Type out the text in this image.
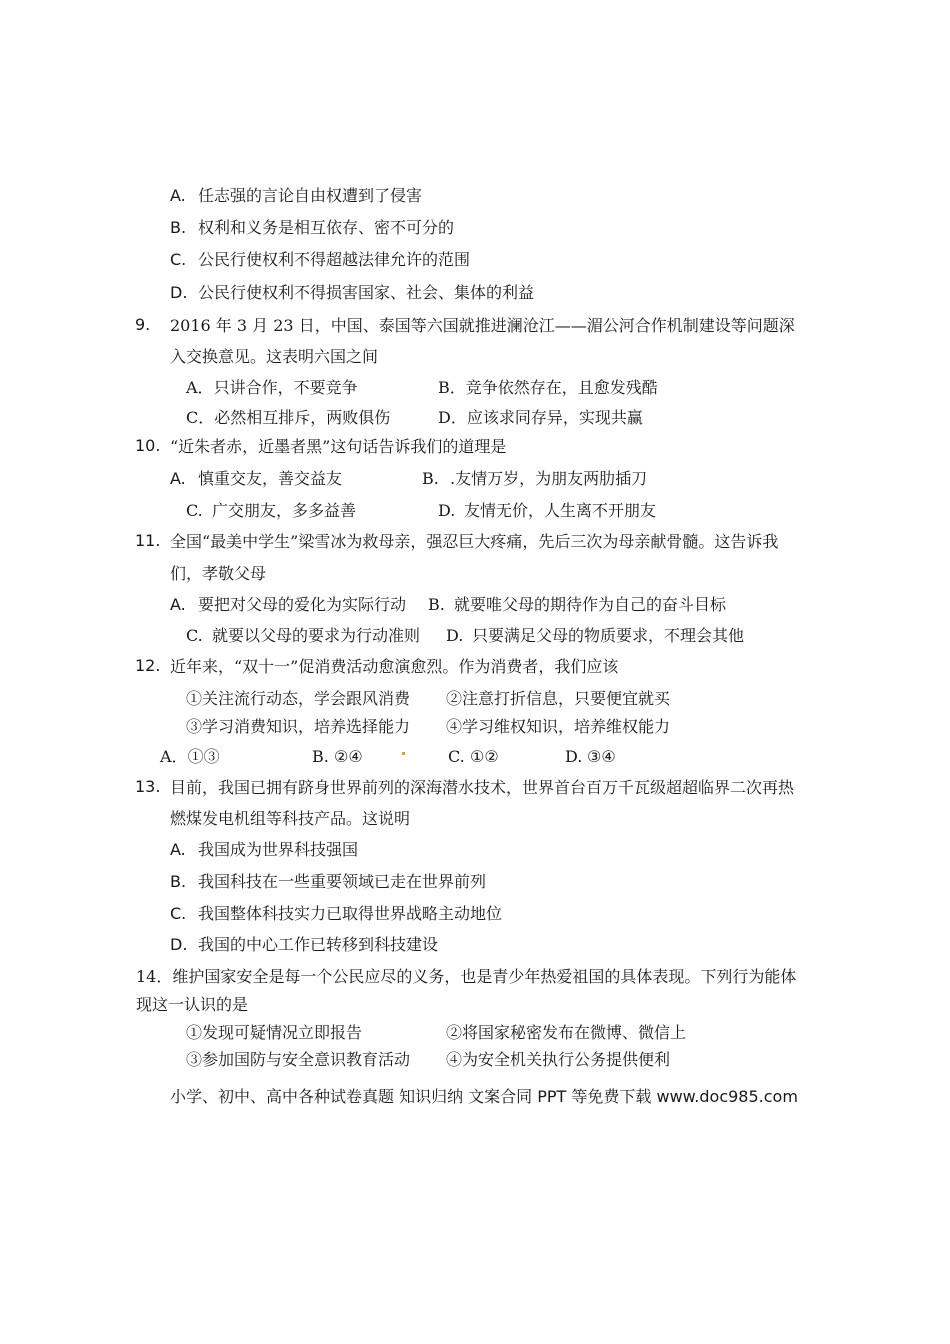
A. 任志强的言论自由权遭到了侵害
B. 权利和义务是相互依存、密不可分的
C. 公民行使权利不得超越法律允许的范围
D. 公民行使权利不得损害国家、社会、集体的利益
9. 2016 年 3 月 23 日，中国、泰国等六国就推进澜沧江——湄公河合作机制建设等问题深
入交换意见。这表明六国之间
A．只讲合作，不要竞争	B．竞争依然存在，且愈发残酷
C．必然相互排斥，两败俱伤	D．应该求同存异，实现共赢
10. “近朱者赤，近墨者黑”这句话告诉我们的道理是
A. 慎重交友，善交益友	B. .友情万岁，为朋友两肋插刀
C. 广交朋友，多多益善	D. 友情无价，人生离不开朋友
11. 全国“最美中学生”梁雪冰为救母亲，强忍巨大疼痛，先后三次为母亲献骨髓。这告诉我
们，孝敬父母
A. 要把对父母的爱化为实际行动 B. 就要唯父母的期待作为自己的奋斗目标
C. 就要以父母的要求为行动准则 D. 只要满足父母的物质要求，不理会其他
12. 近年来，“双十一”促消费活动愈演愈烈。作为消费者，我们应该
①关注流行动态，学会跟风消费 ②注意打折信息，只要便宜就买
③学习消费知识，培养选择能力 ④学习维权知识，培养维权能力
A．①③	B. ②④	C. ①②	D. ③④
13. 目前，我国已拥有跻身世界前列的深海潜水技术，世界首台百万千瓦级超超临界二次再热
燃煤发电机组等科技产品。这说明
A. 我国成为世界科技强国
B. 我国科技在一些重要领域已走在世界前列
C. 我国整体科技实力已取得世界战略主动地位
D. 我国的中心工作已转移到科技建设
14．维护国家安全是每一个公民应尽的义务，也是青少年热爱祖国的具体表现。下列行为能体
现这一认识的是
①发现可疑情况立即报告	②将国家秘密发布在微博、微信上
③参加国防与安全意识教育活动 ④为安全机关执行公务提供便利
小学、初中、高中各种试卷真题 知识归纳 文案合同 PPT 等免费下载 www.doc985.com
